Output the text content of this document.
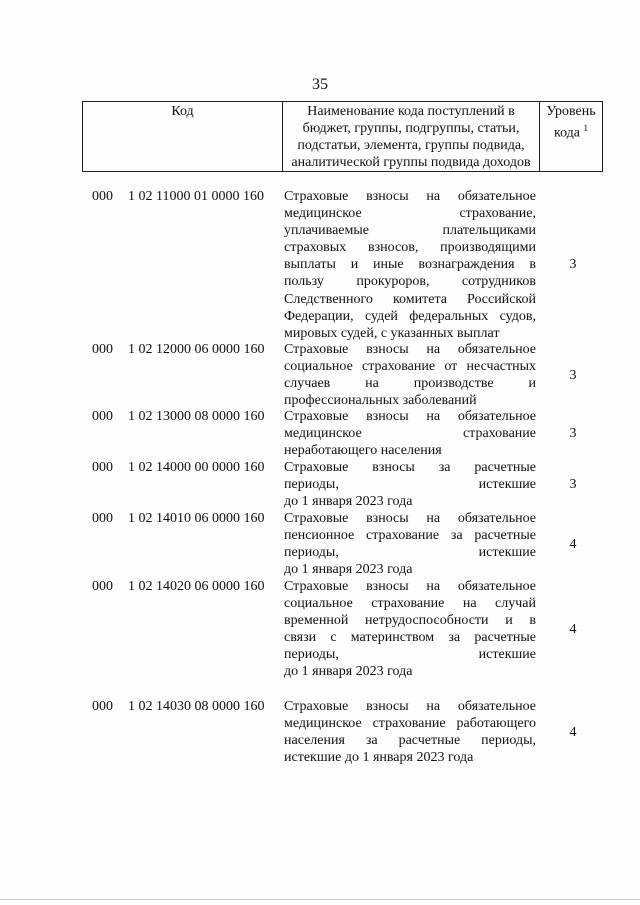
35
Код	Наименование кода поступлений в
бюджет, группы, подгруппы, статьи,
подстатьи, элемента, группы подвида,
аналитической группы подвида доходов

Уровень
кода $^1$
000 1 02 11000 01 0000 160 Страховые взносы на обязательное
медицинское страхование,
уплачиваемые плательщиками
страховых взносов, производящими
выплаты и иные вознаграждения в
пользу прокуроров, сотрудников
Следственного комитета Российской
Федерации, судей федеральных судов,
мировых судей, с указанных выплат
3
000 1 02 12000 06 0000 160 Страховые взносы на обязательное
социальное страхование от несчастных
случаев на производстве и
профессиональных заболеваний
3
000 1 02 13000 08 0000 160 Страховые взносы на обязательное
медицинское страхование
неработающего населения
3
000 1 02 14000 00 0000 160 Страховые взносы за расчетные
периоды, истекшие
до 1 января 2023 года
3
000 1 02 14010 06 0000 160 Страховые взносы на обязательное
пенсионное страхование за расчетные
периоды, истекшие
до 1 января 2023 года
4
000 1 02 14020 06 0000 160 Страховые взносы на обязательное
социальное страхование на случай
временной нетрудоспособности и в
связи с материнством за расчетные
периоды, истекшие
до 1 января 2023 года
4
000 1 02 14030 08 0000 160 Страховые взносы на обязательное
медицинское страхование работающего
населения за расчетные периоды,
истекшие до 1 января 2023 года
4
